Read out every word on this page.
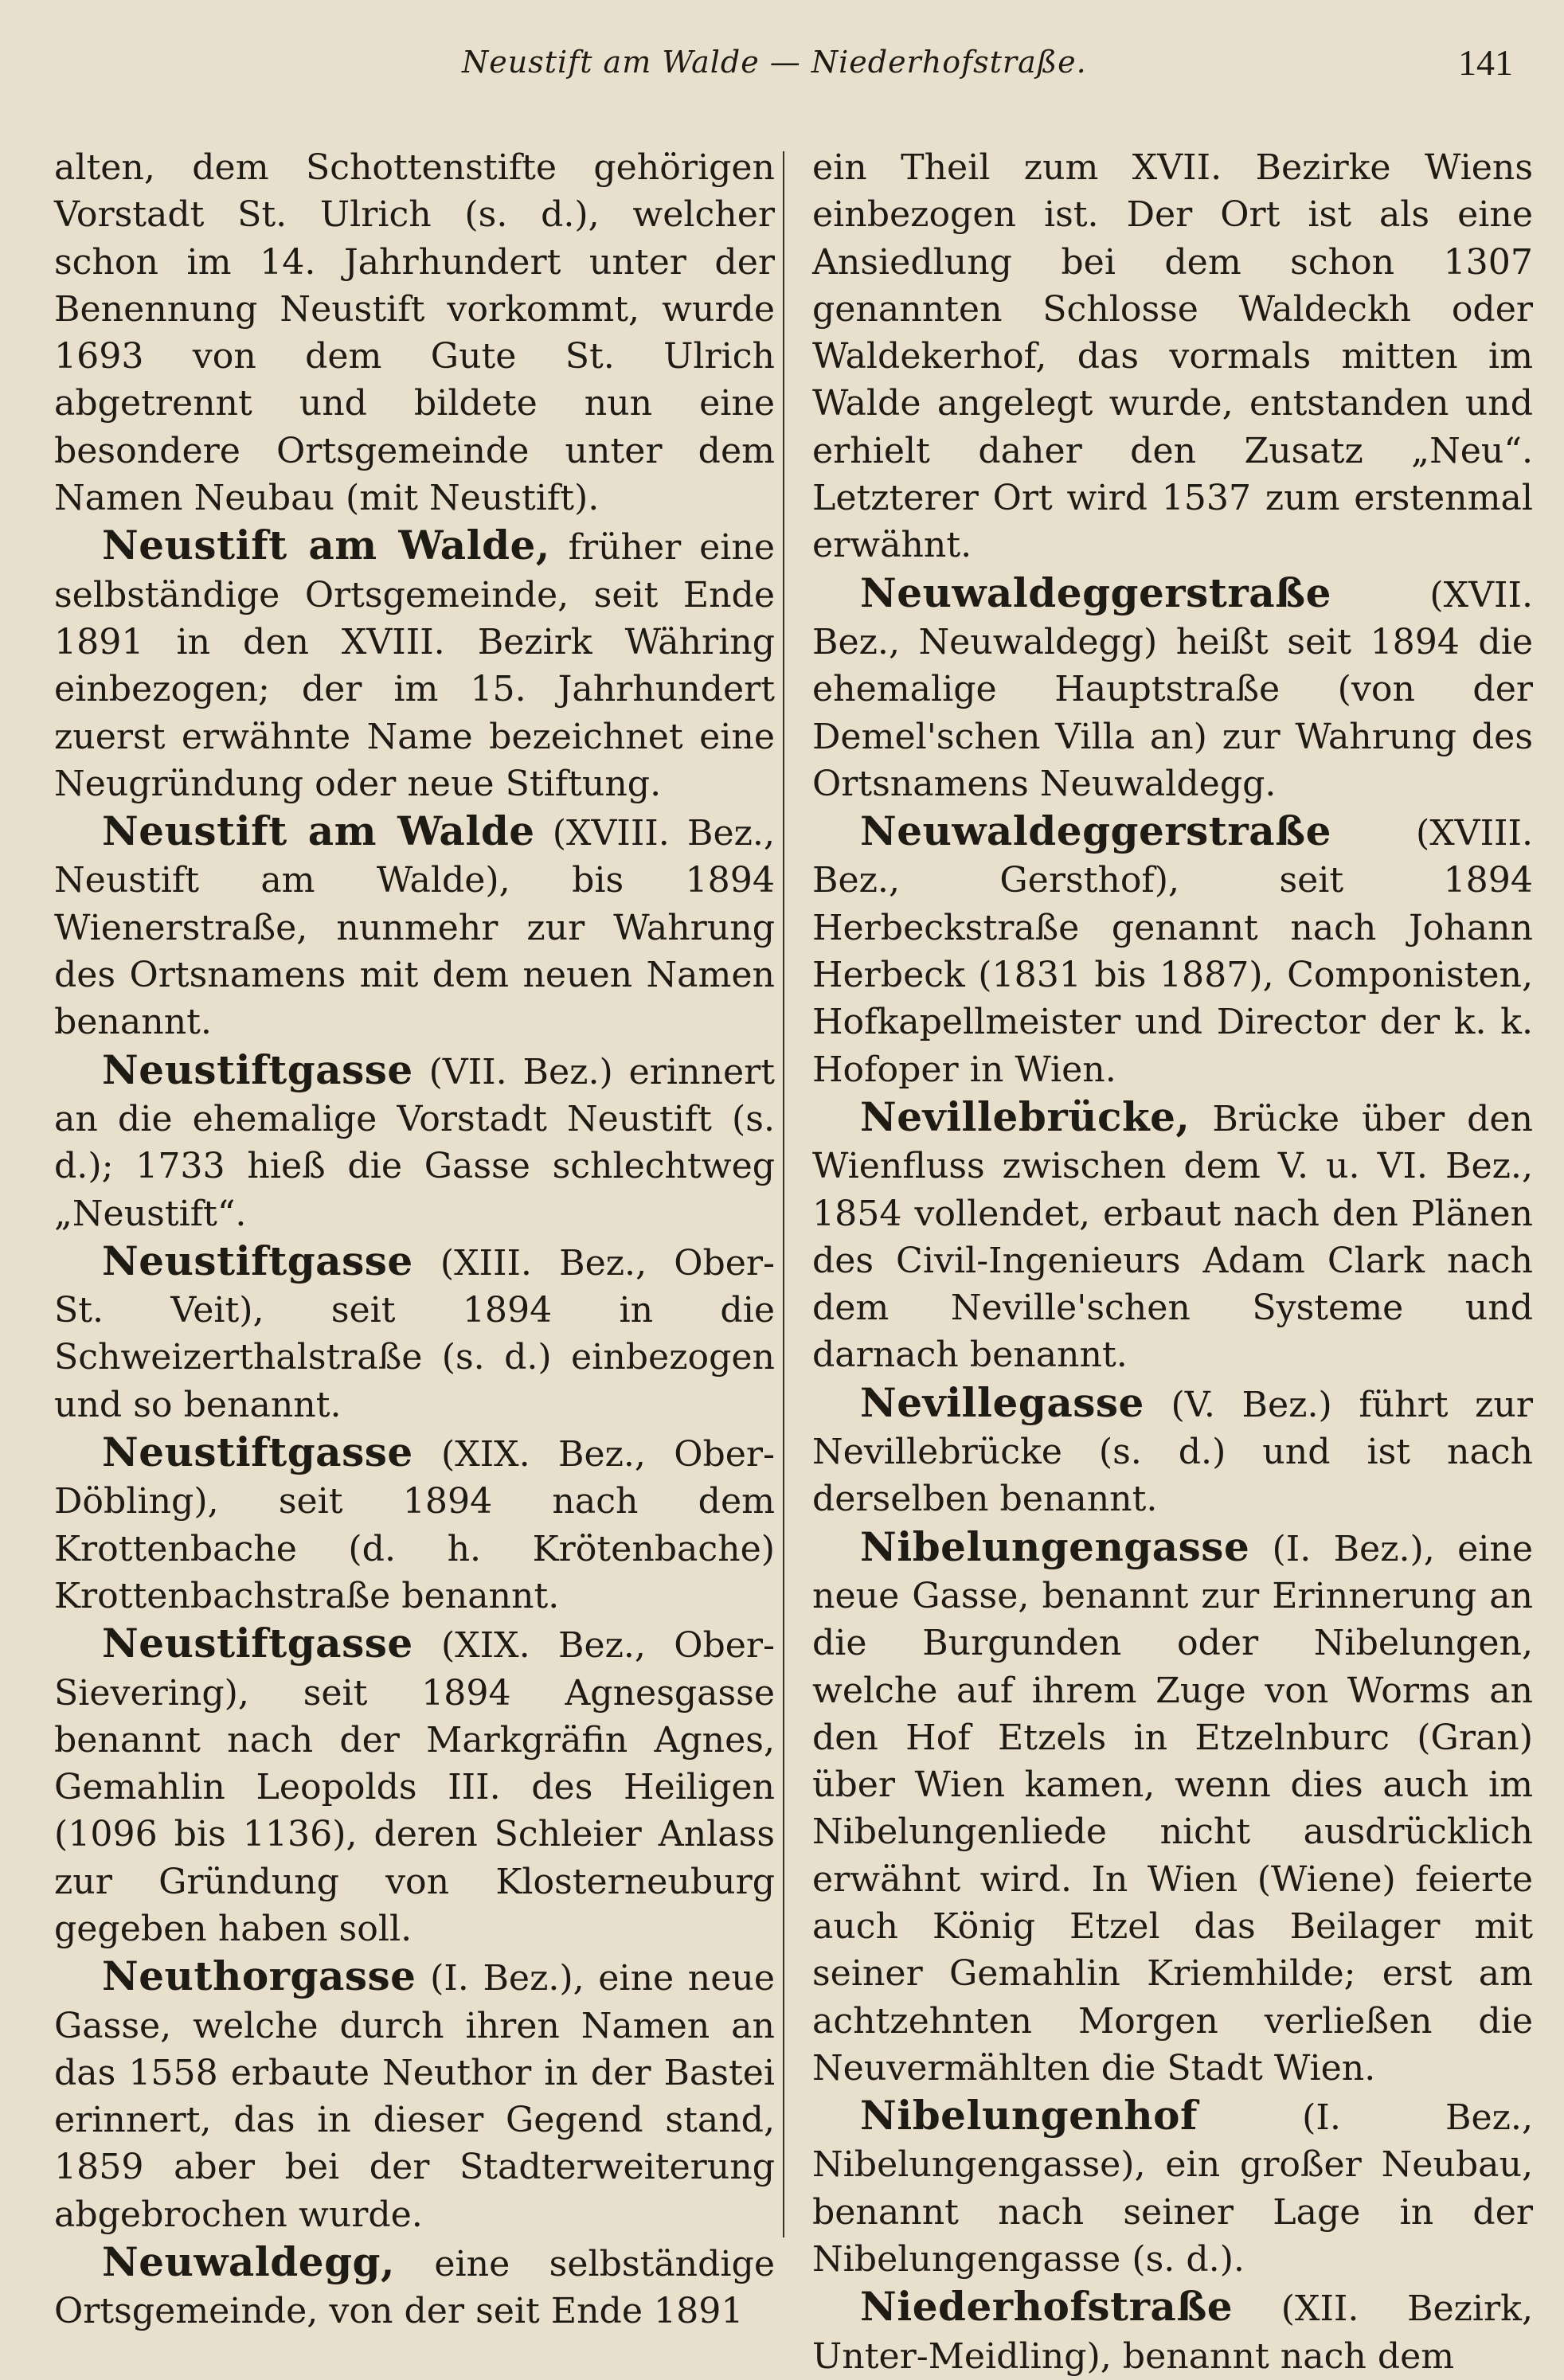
Neustift am Walde — Niederhofstraße.	141

alten, dem Schottenstifte gehörigen Vorstadt St. Ulrich (s. d.), welcher schon im 14. Jahrhundert unter der Benennung Neustift vorkommt, wurde 1693 von dem Gute St. Ulrich abgetrennt und bildete nun eine besondere Ortsgemeinde unter dem Namen Neubau (mit Neustift).

Neustift am Walde, früher eine selbständige Ortsgemeinde, seit Ende 1891 in den XVIII. Bezirk Währing einbezogen; der im 15. Jahrhundert zuerst erwähnte Name bezeichnet eine Neugründung oder neue Stiftung.

Neustift am Walde (XVIII. Bez., Neustift am Walde), bis 1894 Wienerstraße, nunmehr zur Wahrung des Ortsnamens mit dem neuen Namen benannt.

Neustiftgasse (VII. Bez.) erinnert an die ehemalige Vorstadt Neustift (s. d.); 1733 hieß die Gasse schlechtweg „Neustift“.

Neustiftgasse (XIII. Bez., Ober-St. Veit), seit 1894 in die Schweizerthalstraße (s. d.) einbezogen und so benannt.

Neustiftgasse (XIX. Bez., Ober-Döbling), seit 1894 nach dem Krottenbache (d. h. Krötenbache) Krottenbachstraße benannt.

Neustiftgasse (XIX. Bez., Ober-Sievering), seit 1894 Agnesgasse benannt nach der Markgräfin Agnes, Gemahlin Leopolds III. des Heiligen (1096 bis 1136), deren Schleier Anlass zur Gründung von Klosterneuburg gegeben haben soll.

Neuthorgasse (I. Bez.), eine neue Gasse, welche durch ihren Namen an das 1558 erbaute Neuthor in der Bastei erinnert, das in dieser Gegend stand, 1859 aber bei der Stadterweiterung abgebrochen wurde.

Neuwaldegg, eine selbständige Ortsgemeinde, von der seit Ende 1891

ein Theil zum XVII. Bezirke Wiens einbezogen ist. Der Ort ist als eine Ansiedlung bei dem schon 1307 genannten Schlosse Waldeckh oder Waldekerhof, das vormals mitten im Walde angelegt wurde, entstanden und erhielt daher den Zusatz „Neu“. Letzterer Ort wird 1537 zum erstenmal erwähnt.

Neuwaldeggerstraße (XVII. Bez., Neuwaldegg) heißt seit 1894 die ehemalige Hauptstraße (von der Demel'schen Villa an) zur Wahrung des Ortsnamens Neuwaldegg.

Neuwaldeggerstraße (XVIII. Bez., Gersthof), seit 1894 Herbeckstraße genannt nach Johann Herbeck (1831 bis 1887), Componisten, Hofkapellmeister und Director der k. k. Hofoper in Wien.

Nevillebrücke, Brücke über den Wienfluss zwischen dem V. u. VI. Bez., 1854 vollendet, erbaut nach den Plänen des Civil-Ingenieurs Adam Clark nach dem Neville'schen Systeme und darnach benannt.

Nevillegasse (V. Bez.) führt zur Nevillebrücke (s. d.) und ist nach derselben benannt.

Nibelungengasse (I. Bez.), eine neue Gasse, benannt zur Erinnerung an die Burgunden oder Nibelungen, welche auf ihrem Zuge von Worms an den Hof Etzels in Etzelnburc (Gran) über Wien kamen, wenn dies auch im Nibelungenliede nicht ausdrücklich erwähnt wird. In Wien (Wiene) feierte auch König Etzel das Beilager mit seiner Gemahlin Kriemhilde; erst am achtzehnten Morgen verließen die Neuvermählten die Stadt Wien.

Nibelungenhof (I. Bez., Nibelungengasse), ein großer Neubau, benannt nach seiner Lage in der Nibelungengasse (s. d.).

Niederhofstraße (XII. Bezirk, Unter-Meidling), benannt nach dem
